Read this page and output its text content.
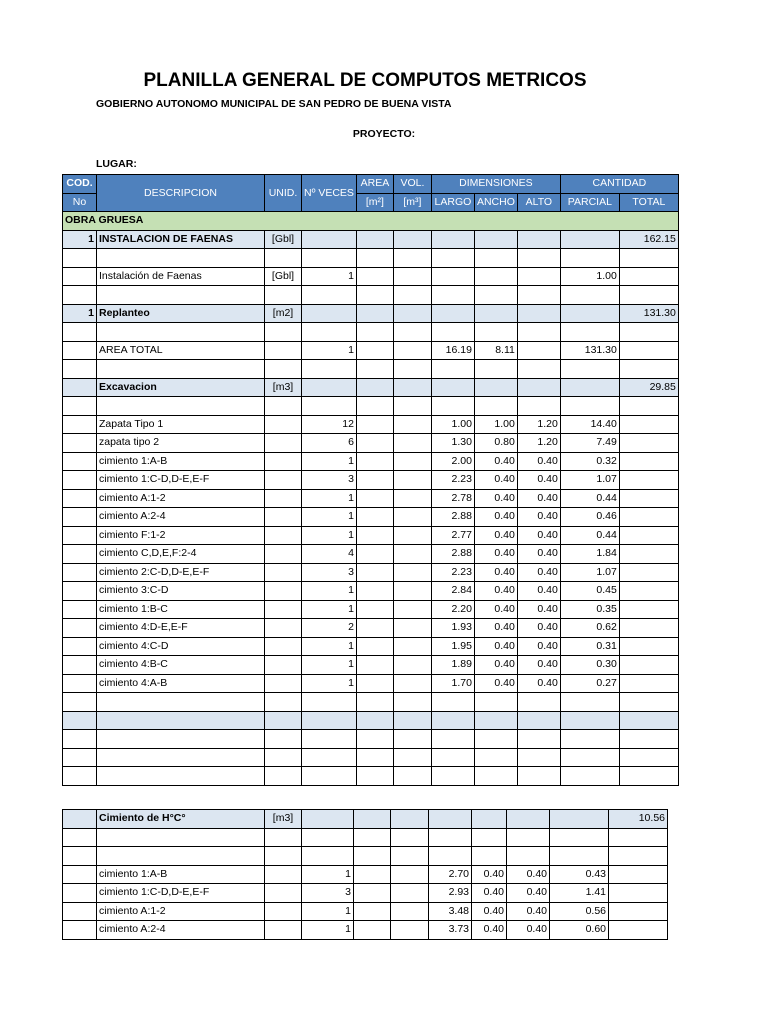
PLANILLA GENERAL DE COMPUTOS METRICOS
GOBIERNO AUTONOMO MUNICIPAL DE SAN PEDRO DE BUENA VISTA
PROYECTO:
LUGAR:
COD.	DESCRIPCION	UNID.	Nº VECES	AREA	VOL.	DIMENSIONES			CANTIDAD	
No				[m²]	[m³]	LARGO	ANCHO	ALTO	PARCIAL	TOTAL
OBRA GRUESA										
1	INSTALACION DE FAENAS	[Gbl]								162.15

	Instalación de Faenas	[Gbl]	1						1.00	

1	Replanteo	[m2]								131.30

	AREA TOTAL		1			16.19	8.11		131.30	

	Excavacion	[m3]								29.85

	Zapata Tipo 1		12			1.00	1.00	1.20	14.40	
	zapata tipo 2		6			1.30	0.80	1.20	7.49	
	cimiento 1:A-B		1			2.00	0.40	0.40	0.32	
	cimiento 1:C-D,D-E,E-F		3			2.23	0.40	0.40	1.07	
	cimiento A:1-2		1			2.78	0.40	0.40	0.44	
	cimiento A:2-4		1			2.88	0.40	0.40	0.46	
	cimiento F:1-2		1			2.77	0.40	0.40	0.44	
	cimiento C,D,E,F:2-4		4			2.88	0.40	0.40	1.84	
	cimiento 2:C-D,D-E,E-F		3			2.23	0.40	0.40	1.07	
	cimiento 3:C-D		1			2.84	0.40	0.40	0.45	
	cimiento 1:B-C		1			2.20	0.40	0.40	0.35	
	cimiento 4:D-E,E-F		2			1.93	0.40	0.40	0.62	
	cimiento 4:C-D		1			1.95	0.40	0.40	0.31	
	cimiento 4:B-C		1			1.89	0.40	0.40	0.30	
	cimiento 4:A-B		1			1.70	0.40	0.40	0.27	

	Cimiento de H°C°	[m3]								10.56

	cimiento 1:A-B		1			2.70	0.40	0.40	0.43	
	cimiento 1:C-D,D-E,E-F		3			2.93	0.40	0.40	1.41	
	cimiento A:1-2		1			3.48	0.40	0.40	0.56	
	cimiento A:2-4		1			3.73	0.40	0.40	0.60	
